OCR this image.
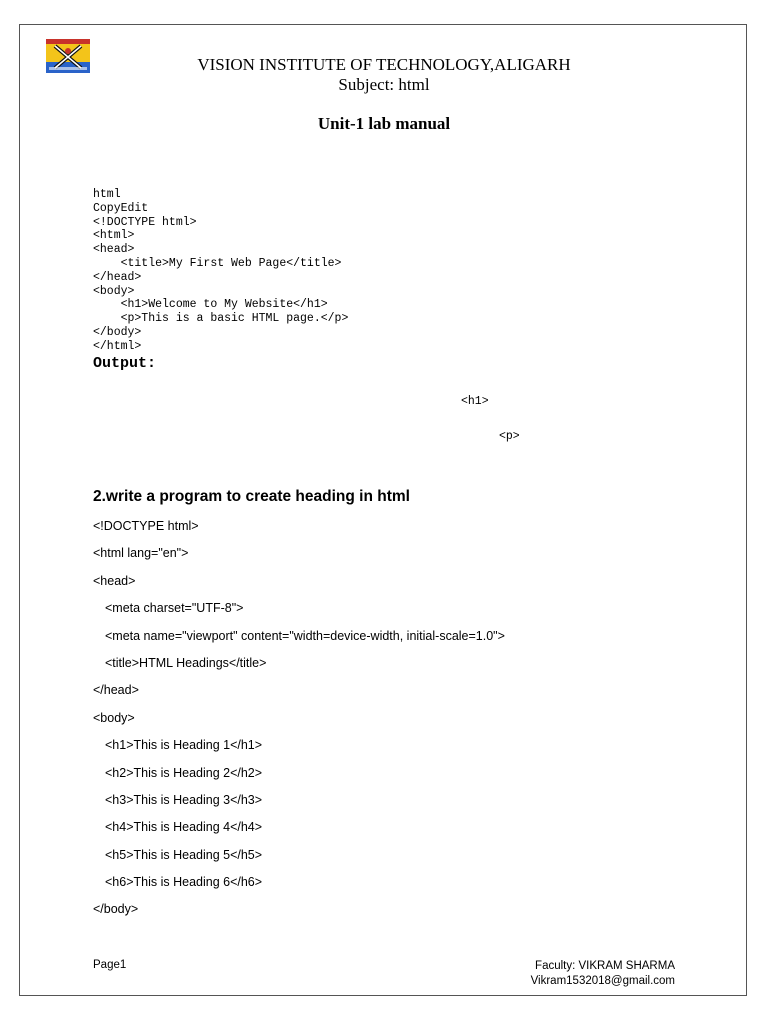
VISION INSTITUTE OF TECHNOLOGY,ALIGARH
Subject: html
Unit-1 lab manual
html
CopyEdit
<!DOCTYPE html>
<html>
<head>
<title>My First Web Page</title>
</head>
<body>
<h1>Welcome to My Website</h1>
<p>This is a basic HTML page.</p>
</body>
</html>
Output:
<h1>
<p>
2.write a program to create heading in html
<!DOCTYPE html>
<html lang="en">
<head>
<meta charset="UTF-8">
<meta name="viewport" content="width=device-width, initial-scale=1.0">
<title>HTML Headings</title>
</head>
<body>
<h1>This is Heading 1</h1>
<h2>This is Heading 2</h2>
<h3>This is Heading 3</h3>
<h4>This is Heading 4</h4>
<h5>This is Heading 5</h5>
<h6>This is Heading 6</h6>
</body>
Page1	Faculty: VIKRAM SHARMA
Vikram1532018@gmail.com
